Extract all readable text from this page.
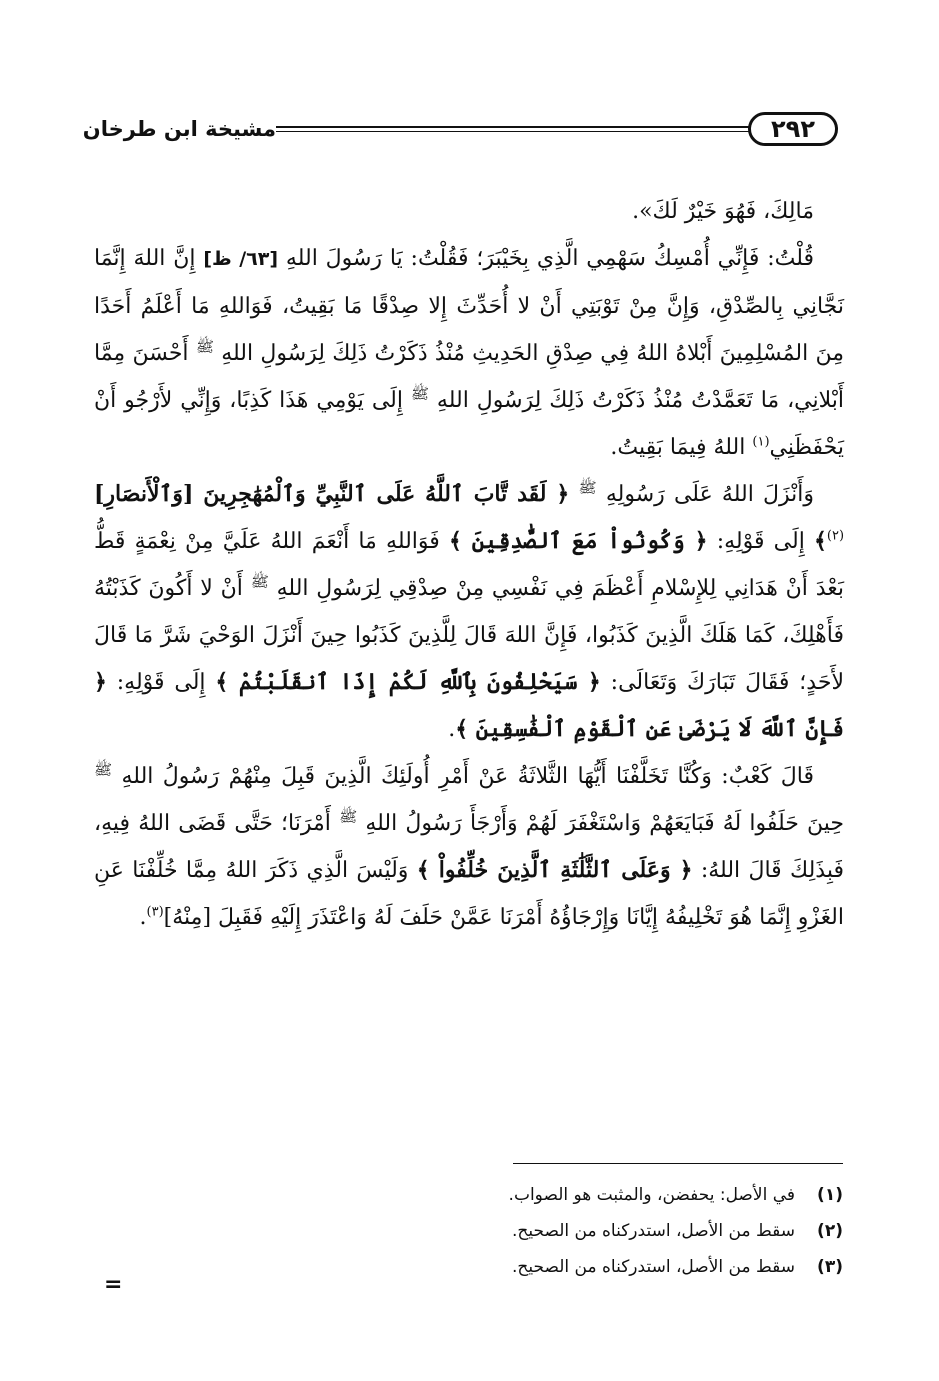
٢٩٢
مشيخة ابن طرخان

مَالِكَ، فَهُوَ خَيْرٌ لَكَ».

قُلْتُ: فَإِنِّي أُمْسِكُ سَهْمِي الَّذِي بِخَيْبَرَ؛ فَقُلْتُ: يَا رَسُولَ اللهِ [٦٣/ ظ] إِنَّ اللهَ إِنَّمَا نَجَّانِي بِالصِّدْقِ، وَإِنَّ مِنْ تَوْبَتِي أَنْ لا أُحَدِّثَ إِلا صِدْقًا مَا بَقِيتُ، فَوَاللهِ مَا أَعْلَمُ أَحَدًا مِنَ المُسْلِمِينَ أَبْلاهُ اللهُ فِي صِدْقِ الحَدِيثِ مُنْذُ ذَكَرْتُ ذَلِكَ لِرَسُولِ اللهِ $^ﷺ$ أَحْسَنَ مِمَّا أَبْلانِي، مَا تَعَمَّدْتُ مُنْذُ ذَكَرْتُ ذَلِكَ لِرَسُولِ اللهِ $^ﷺ$ إِلَى يَوْمِي هَذَا كَذِبًا، وَإِنِّي لأَرْجُو أَنْ يَحْفَظَنِي$^{(١)}$ اللهُ فِيمَا بَقِيتُ.

وَأَنْزَلَ اللهُ عَلَى رَسُولِهِ $^ﷺ$ ﴿ لَقَد تَّابَ ٱللَّهُ عَلَى ٱلنَّبِيِّ وَٱلْمُهَٰجِرِينَ [وَٱلْأَنصَارِ]$^{(٢)}$﴾ إِلَى قَوْلِهِ: ﴿ وَكُونُواْ مَعَ ٱلصَّٰدِقِينَ ﴾ فَوَاللهِ مَا أَنْعَمَ اللهُ عَلَيَّ مِنْ نِعْمَةٍ قَطُّ بَعْدَ أَنْ هَدَانِي لِلإِسْلامِ أَعْظَمَ فِي نَفْسِي مِنْ صِدْقِي لِرَسُولِ اللهِ $^ﷺ$ أَنْ لا أَكُونَ كَذَبْتُهُ فَأَهْلِكَ، كَمَا هَلَكَ الَّذِينَ كَذَبُوا، فَإِنَّ اللهَ قَالَ لِلَّذِينَ كَذَبُوا حِينَ أَنْزَلَ الوَحْيَ شَرَّ مَا قَالَ لأَحَدٍ؛ فَقَالَ تَبَارَكَ وَتَعَالَى: ﴿ سَيَحْلِفُونَ بِٱللَّهِ لَكُمْ إِذَا ٱنقَلَبْتُمْ ﴾ إِلَى قَوْلِهِ: ﴿ فَإِنَّ ٱللَّهَ لَا يَرْضَىٰ عَنِ ٱلْقَوْمِ ٱلْفَٰسِقِينَ ﴾.

قَالَ كَعْبٌ: وَكُنَّا تَخَلَّفْنَا أَيُّهَا الثَّلاثَةُ عَنْ أَمْرِ أُولَئِكَ الَّذِينَ قَبِلَ مِنْهُمْ رَسُولُ اللهِ $^ﷺ$ حِينَ حَلَفُوا لَهُ فَبَايَعَهُمْ وَاسْتَغْفَرَ لَهُمْ وَأَرْجَأَ رَسُولُ اللهِ $^ﷺ$ أَمْرَنَا؛ حَتَّى قَضَى اللهُ فِيهِ، فَبِذَلِكَ قَالَ اللهُ: ﴿ وَعَلَى ٱلثَّلَٰثَةِ ٱلَّذِينَ خُلِّفُواْ ﴾ وَلَيْسَ الَّذِي ذَكَرَ اللهُ مِمَّا خُلِّفْنَا عَنِ الغَزْوِ إِنَّمَا هُوَ تَخْلِيفُهُ إِيَّانَا وَإِرْجَاؤُهُ أَمْرَنَا عَمَّنْ حَلَفَ لَهُ وَاعْتَذَرَ إِلَيْهِ فَقَبِلَ [مِنْهُ]$^{(٣)}$.

(١)
في الأصل: يحفضن، والمثبت هو الصواب.

(٢)
سقط من الأصل، استدركناه من الصحيح.

(٣)
سقط من الأصل، استدركناه من الصحيح.

=
